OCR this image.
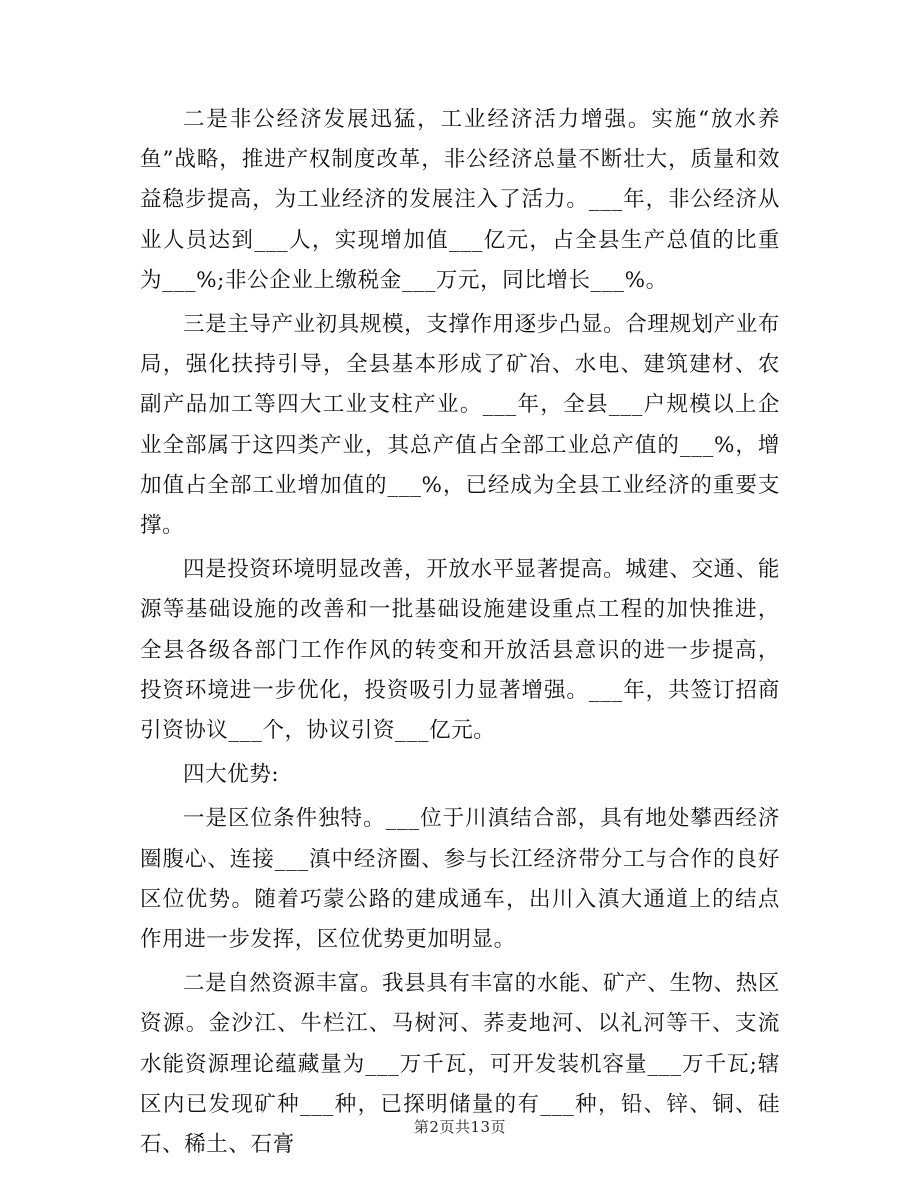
二是非公经济发展迅猛，工业经济活力增强。实施“放水养鱼”战略，推进产权制度改革，非公经济总量不断壮大，质量和效益稳步提高，为工业经济的发展注入了活力。___年，非公经济从业人员达到___人，实现增加值___亿元，占全县生产总值的比重为___%;非公企业上缴税金___万元，同比增长___%。

三是主导产业初具规模，支撑作用逐步凸显。合理规划产业布局，强化扶持引导，全县基本形成了矿冶、水电、建筑建材、农副产品加工等四大工业支柱产业。___年，全县___户规模以上企业全部属于这四类产业，其总产值占全部工业总产值的___%，增加值占全部工业增加值的___%，已经成为全县工业经济的重要支撑。

四是投资环境明显改善，开放水平显著提高。城建、交通、能源等基础设施的改善和一批基础设施建设重点工程的加快推进，全县各级各部门工作作风的转变和开放活县意识的进一步提高，投资环境进一步优化，投资吸引力显著增强。___年，共签订招商引资协议___个，协议引资___亿元。

四大优势:

一是区位条件独特。___位于川滇结合部，具有地处攀西经济圈腹心、连接___滇中经济圈、参与长江经济带分工与合作的良好区位优势。随着巧蒙公路的建成通车，出川入滇大通道上的结点作用进一步发挥，区位优势更加明显。

二是自然资源丰富。我县具有丰富的水能、矿产、生物、热区资源。金沙江、牛栏江、马树河、荞麦地河、以礼河等干、支流水能资源理论蕴藏量为___万千瓦，可开发装机容量___万千瓦;辖区内已发现矿种___种，已探明储量的有___种，铅、锌、铜、硅石、稀土、石膏

第2页共13页
